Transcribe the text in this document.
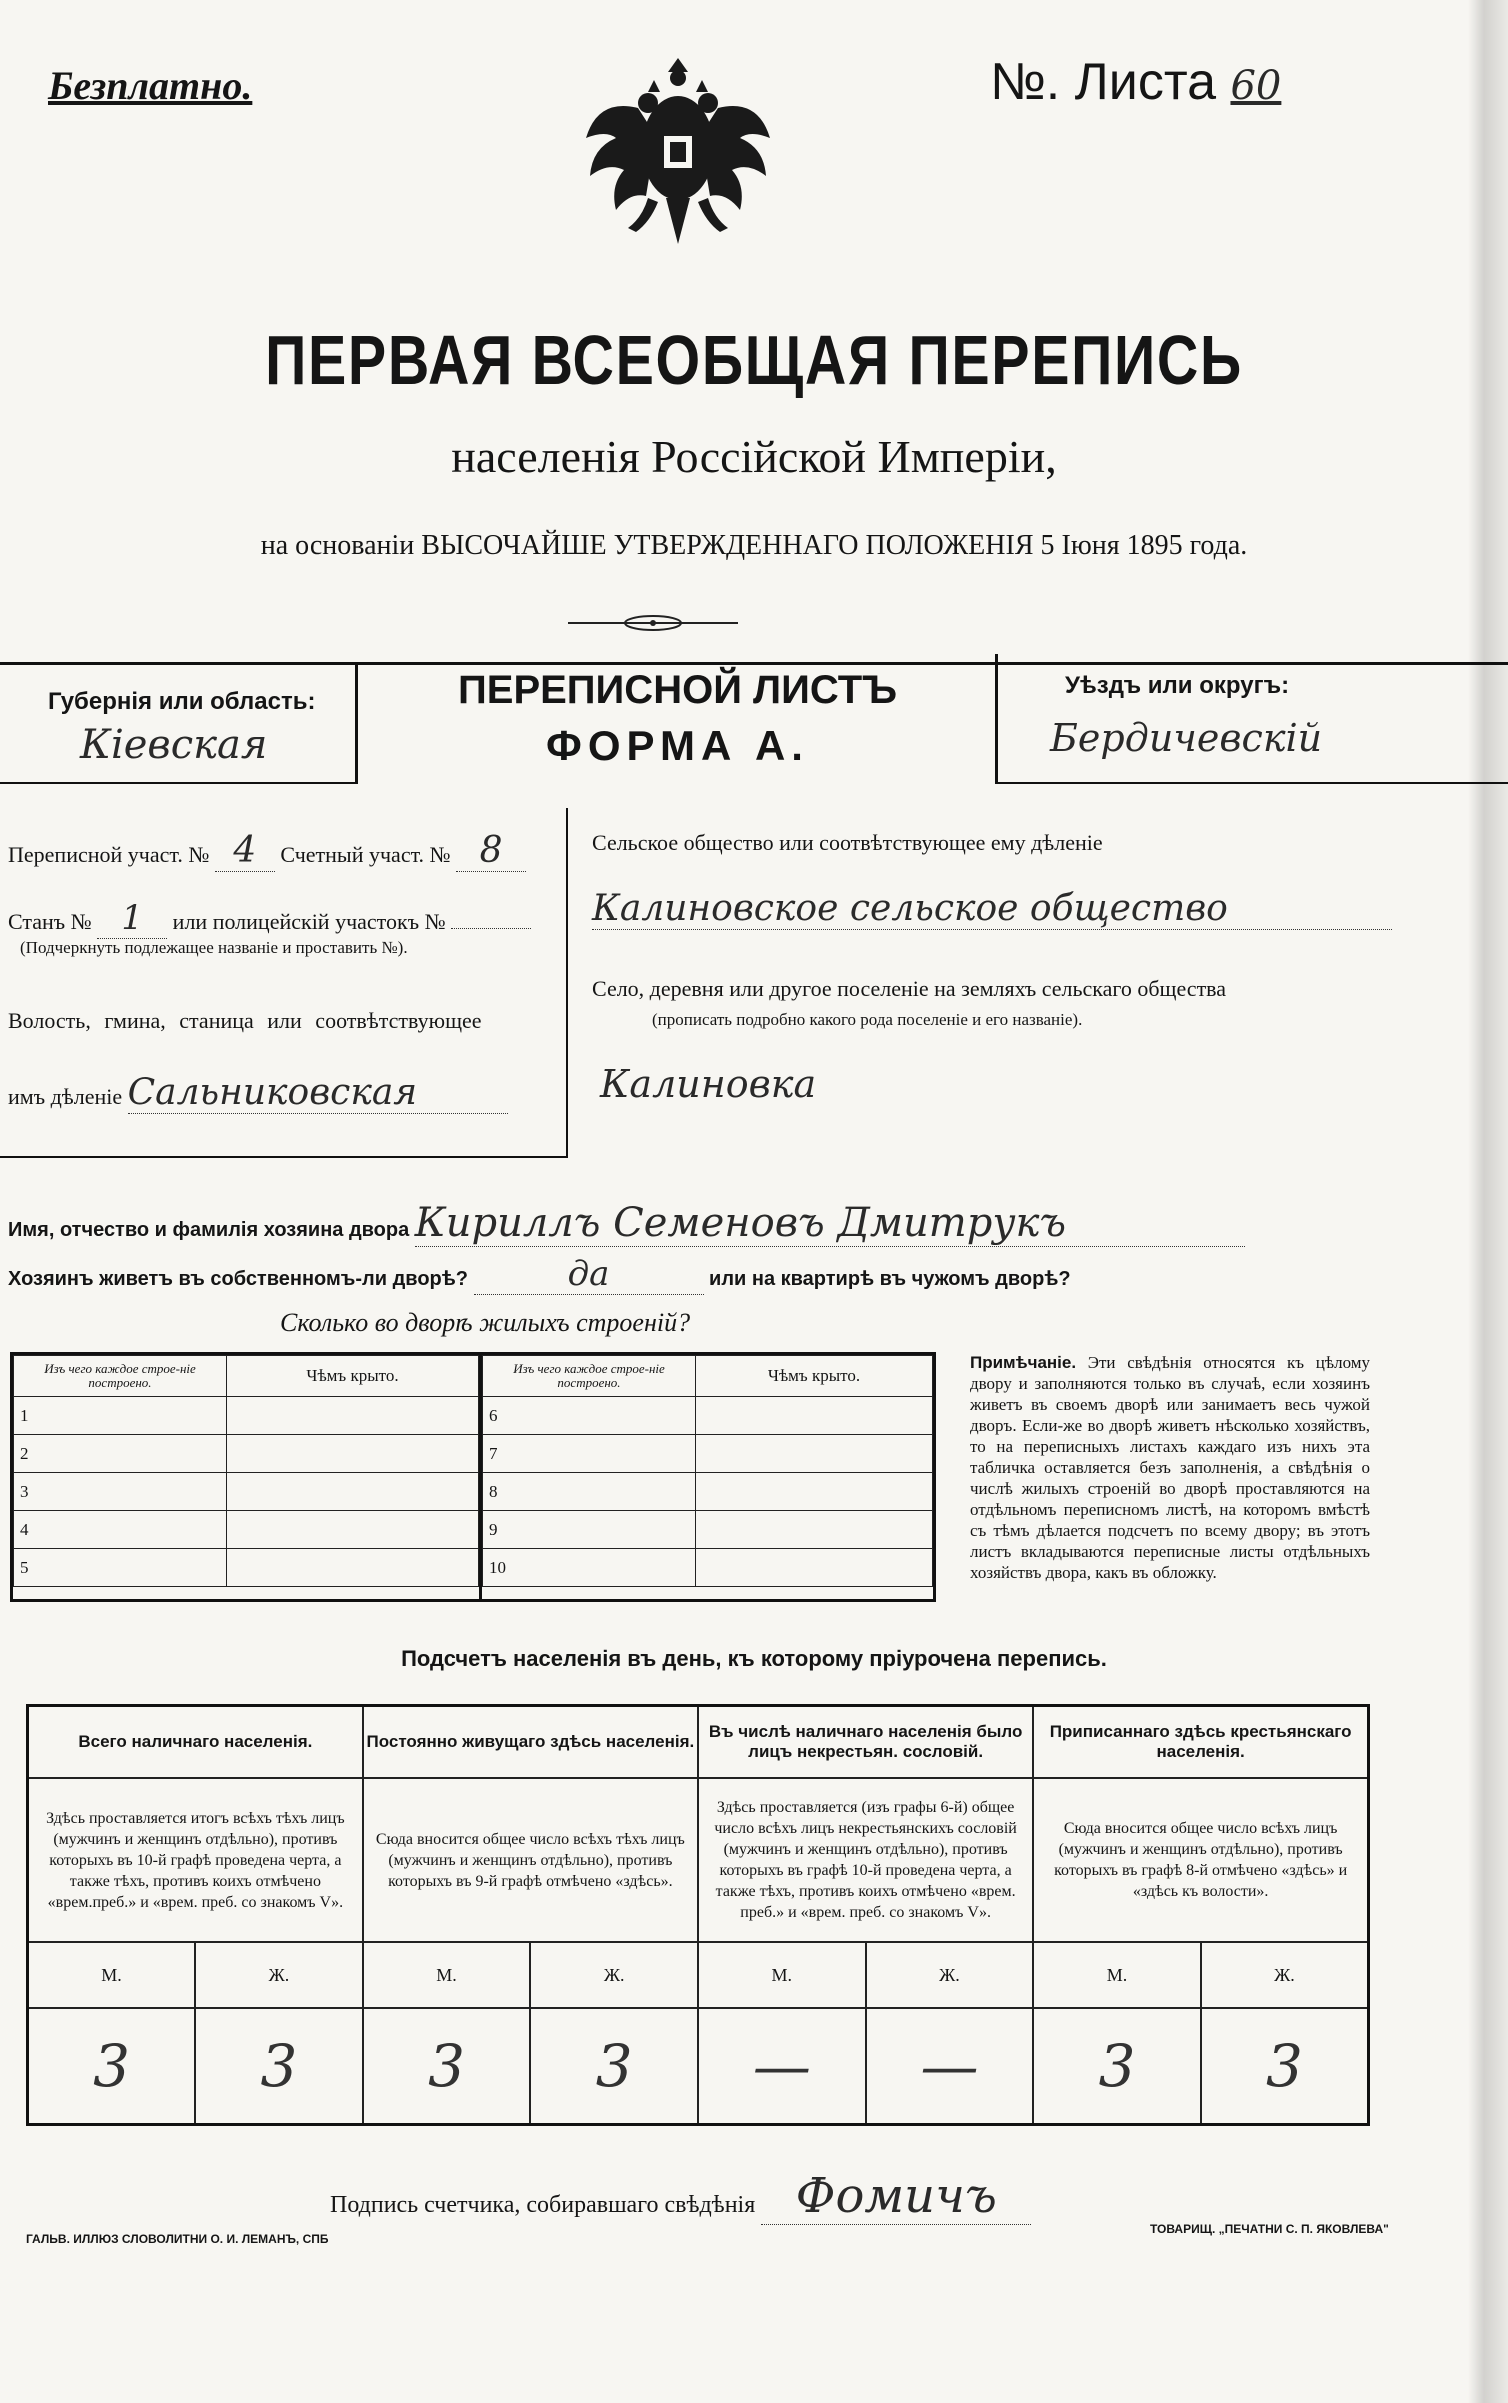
Безплатно.	№. Листа 60
ПЕРВАЯ ВСЕОБЩАЯ ПЕРЕПИСЬ
населенія Россійской Имперіи,
на основаніи ВЫСОЧАЙШЕ УТВЕРЖДЕННАГО ПОЛОЖЕНІЯ 5 Іюня 1895 года.
Губернія или область:
Кіевская
ПЕРЕПИСНОЙ ЛИСТЪ
ФОРМА А.
Уѣздъ или округъ:
Бердичевскій
Переписной участ. № 4 Счетный участ. № 8
Станъ № 1 или полицейскій участокъ №
(Подчеркнуть подлежащее названіе и проставить №).
Волость, гмина, станица или соотвѣтствующее
имъ дѣленіе Сальниковская
Сельское общество или соотвѣтствующее ему дѣленіе
Калиновское сельское общество
Село, деревня или другое поселеніе на земляхъ сельскаго общества
(прописать подробно какого рода поселеніе и его названіе).
Калиновка
Имя, отчество и фамилія хозяина двора Кириллъ Семеновъ Дмитрукъ
Хозяинъ живетъ въ собственномъ-ли дворѣ?	да	или на квартирѣ въ чужомъ дворѣ?
Сколько во дворѣ жилыхъ строеній?
Изъ чего каждое строе-ніе построено.	Чѣмъ крыто.
1	
2	
3	
4	
5	
Изъ чего каждое строе-ніе построено.	Чѣмъ крыто.
6	
7	
8	
9	
10	
Примѣчаніе. Эти свѣдѣнія относятся къ цѣлому двору и заполняются только въ случаѣ, если хозяинъ живетъ въ своемъ дворѣ или занимаетъ весь чужой дворъ. Если-же во дворѣ живетъ нѣсколько хозяйствъ, то на переписныхъ листахъ каждаго изъ нихъ эта табличка оставляется безъ заполненія, а свѣдѣнія о числѣ жилыхъ строеній во дворѣ проставляются на отдѣльномъ переписномъ листѣ, на которомъ вмѣстѣ съ тѣмъ дѣлается подсчетъ по всему двору; въ этотъ листъ вкладываются переписные листы отдѣльныхъ хозяйствъ двора, какъ въ обложку.
Подсчетъ населенія въ день, къ которому пріурочена перепись.
Всего наличнаго населенія.		Постоянно живущаго здѣсь населенія.		Въ числѣ наличнаго населенія было лицъ некрестьян. сословій.		Приписаннаго здѣсь крестьянскаго населенія.	
Здѣсь проставляется итогъ всѣхъ тѣхъ лицъ (мужчинъ и женщинъ отдѣльно), противъ которыхъ въ 10-й графѣ проведена черта, а также тѣхъ, противъ коихъ отмѣчено «врем.преб.» и «врем. преб. со знакомъ V».		Сюда вносится общее число всѣхъ тѣхъ лицъ (мужчинъ и женщинъ отдѣльно), противъ которыхъ въ 9-й графѣ отмѣчено «здѣсь».		Здѣсь проставляется (изъ графы 6-й) общее число всѣхъ лицъ некрестьянскихъ сословій (мужчинъ и женщинъ отдѣльно), противъ которыхъ въ графѣ 10-й проведена черта, а также тѣхъ, противъ коихъ отмѣчено «врем. преб.» и «врем. преб. со знакомъ V».		Сюда вносится общее число всѣхъ лицъ (мужчинъ и женщинъ отдѣльно), противъ которыхъ въ графѣ 8-й отмѣчено «здѣсь» и «здѣсь къ волости».	
М.	Ж.	М.	Ж.	М.	Ж.	М.	Ж.
3	3	3	3	—	—	3	3
Подпись счетчика, собиравшаго свѣдѣнія Фомичъ
ГАЛЬВ. ИЛЛЮЗ СЛОВОЛИТНИ О. И. ЛЕМАНЪ, СПБ
ТОВАРИЩ. „ПЕЧАТНИ С. П. ЯКОВЛЕВА"
